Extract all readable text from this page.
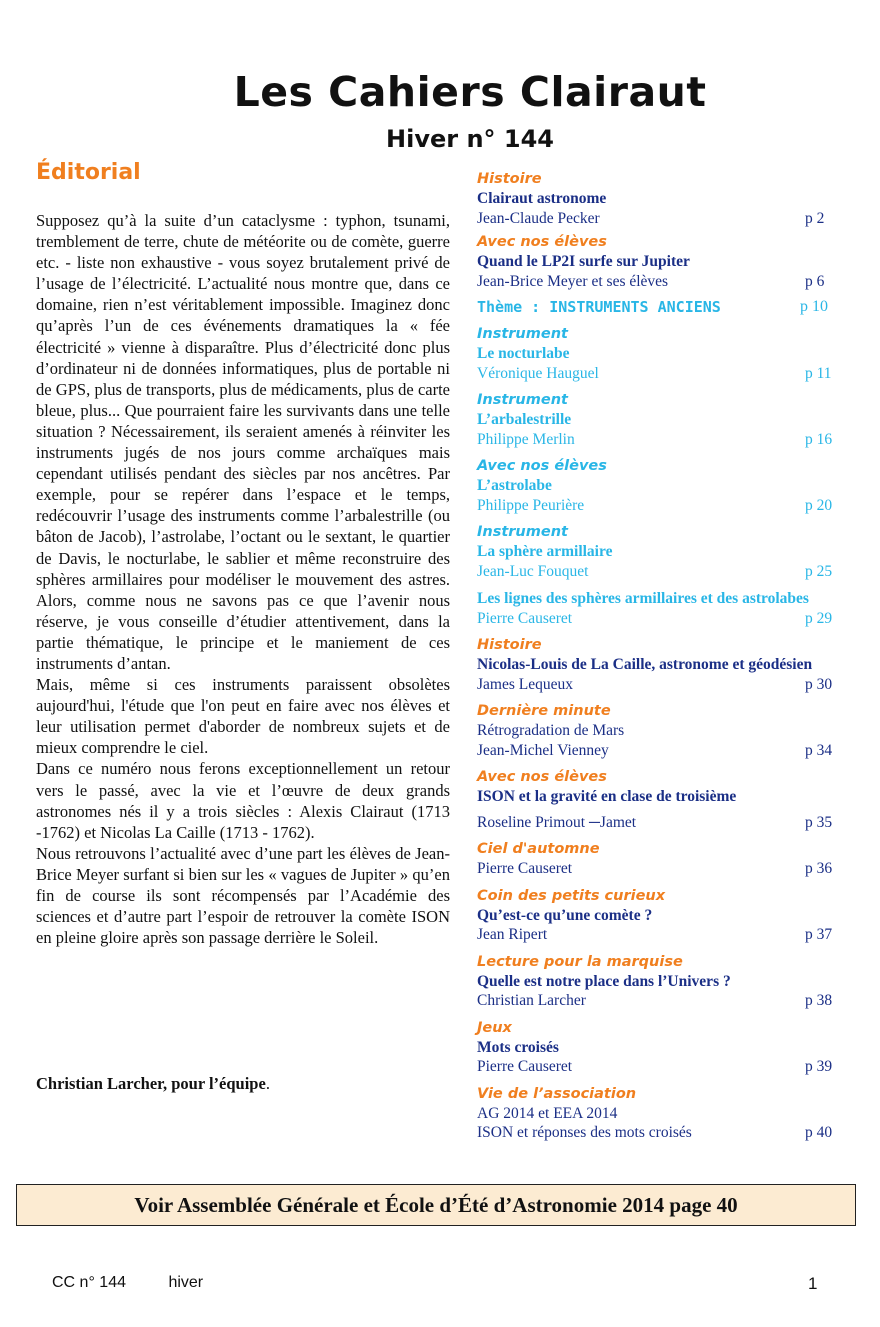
Les Cahiers Clairaut
Hiver n° 144
Éditorial

Supposez qu’à la suite d’un cataclysme : typhon, tsunami, tremblement de terre, chute de météorite ou de comète, guerre etc. - liste non exhaustive - vous soyez brutalement privé de l’usage de l’électricité. L’actualité nous montre que, dans ce domaine, rien n’est véritablement impossible. Imaginez donc qu’après l’un de ces événements dramatiques la « fée électricité » vienne à disparaître. Plus d’électricité donc plus d’ordinateur ni de données informatiques, plus de portable ni de GPS, plus de transports, plus de médicaments, plus de carte bleue, plus... Que pourraient faire les survivants dans une telle situation ? Nécessairement, ils seraient amenés à réinviter les instruments jugés de nos jours comme archaïques mais cependant utilisés pendant des siècles par nos ancêtres. Par exemple, pour se repérer dans l’espace et le temps, redécouvrir l’usage des instruments comme l’arbalestrille (ou bâton de Jacob), l’astrolabe, l’octant ou le sextant, le quartier de Davis, le nocturlabe, le sablier et même reconstruire des sphères armillaires pour modéliser le mouvement des astres. Alors, comme nous ne savons pas ce que l’avenir nous réserve, je vous conseille d’étudier attentivement, dans la partie thématique, le principe et le maniement de ces instruments d’antan.

Mais, même si ces instruments paraissent obsolètes aujourd'hui, l'étude que l'on peut en faire avec nos élèves et leur utilisation permet d'aborder de nombreux sujets et de mieux comprendre le ciel.

Dans ce numéro nous ferons exceptionnellement un retour vers le passé, avec la vie et l’œuvre de deux grands astronomes nés il y a trois siècles : Alexis Clairaut (1713 -1762) et Nicolas La Caille (1713 - 1762).

Nous retrouvons l’actualité avec d’une part les élèves de Jean-Brice Meyer surfant si bien sur les « vagues de Jupiter » qu’en fin de course ils sont récompensés par l’Académie des sciences et d’autre part l’espoir de retrouver la comète ISON en pleine gloire après son passage derrière le Soleil.

Christian Larcher, pour l’équipe.
Histoire
Clairaut astronome
Jean-Claude Pecker	p 2
Avec nos élèves
Quand le LP2I surfe sur Jupiter
Jean-Brice Meyer et ses élèves	p 6
Thème : INSTRUMENTS ANCIENS	p 10
Instrument
Le nocturlabe
Véronique Hauguel	p 11
Instrument
L’arbalestrille
Philippe Merlin	p 16
Avec nos élèves
L’astrolabe
Philippe Peurière	p 20
Instrument
La sphère armillaire
Jean-Luc Fouquet	p 25
Les lignes des sphères armillaires et des astrolabes
Pierre Causeret	p 29
Histoire
Nicolas-Louis de La Caille, astronome et géodésien
James Lequeux	p 30
Dernière minute
Rétrogradation de Mars
Jean-Michel Vienney	p 34
Avec nos élèves
ISON et la gravité en clase de troisième
Roseline Primout ─Jamet	p 35
Ciel d'automne
Pierre Causeret	p 36
Coin des petits curieux
Qu’est-ce qu’une comète ?
Jean Ripert	p 37
Lecture pour la marquise
Quelle est notre place dans l’Univers ?
Christian Larcher	p 38
Jeux
Mots croisés
Pierre Causeret	p 39
Vie de l’association
AG 2014 et EEA 2014
ISON et réponses des mots croisés	p 40
Voir Assemblée Générale et École d’Été d’Astronomie 2014 page 40
CC n° 144	hiver	1
